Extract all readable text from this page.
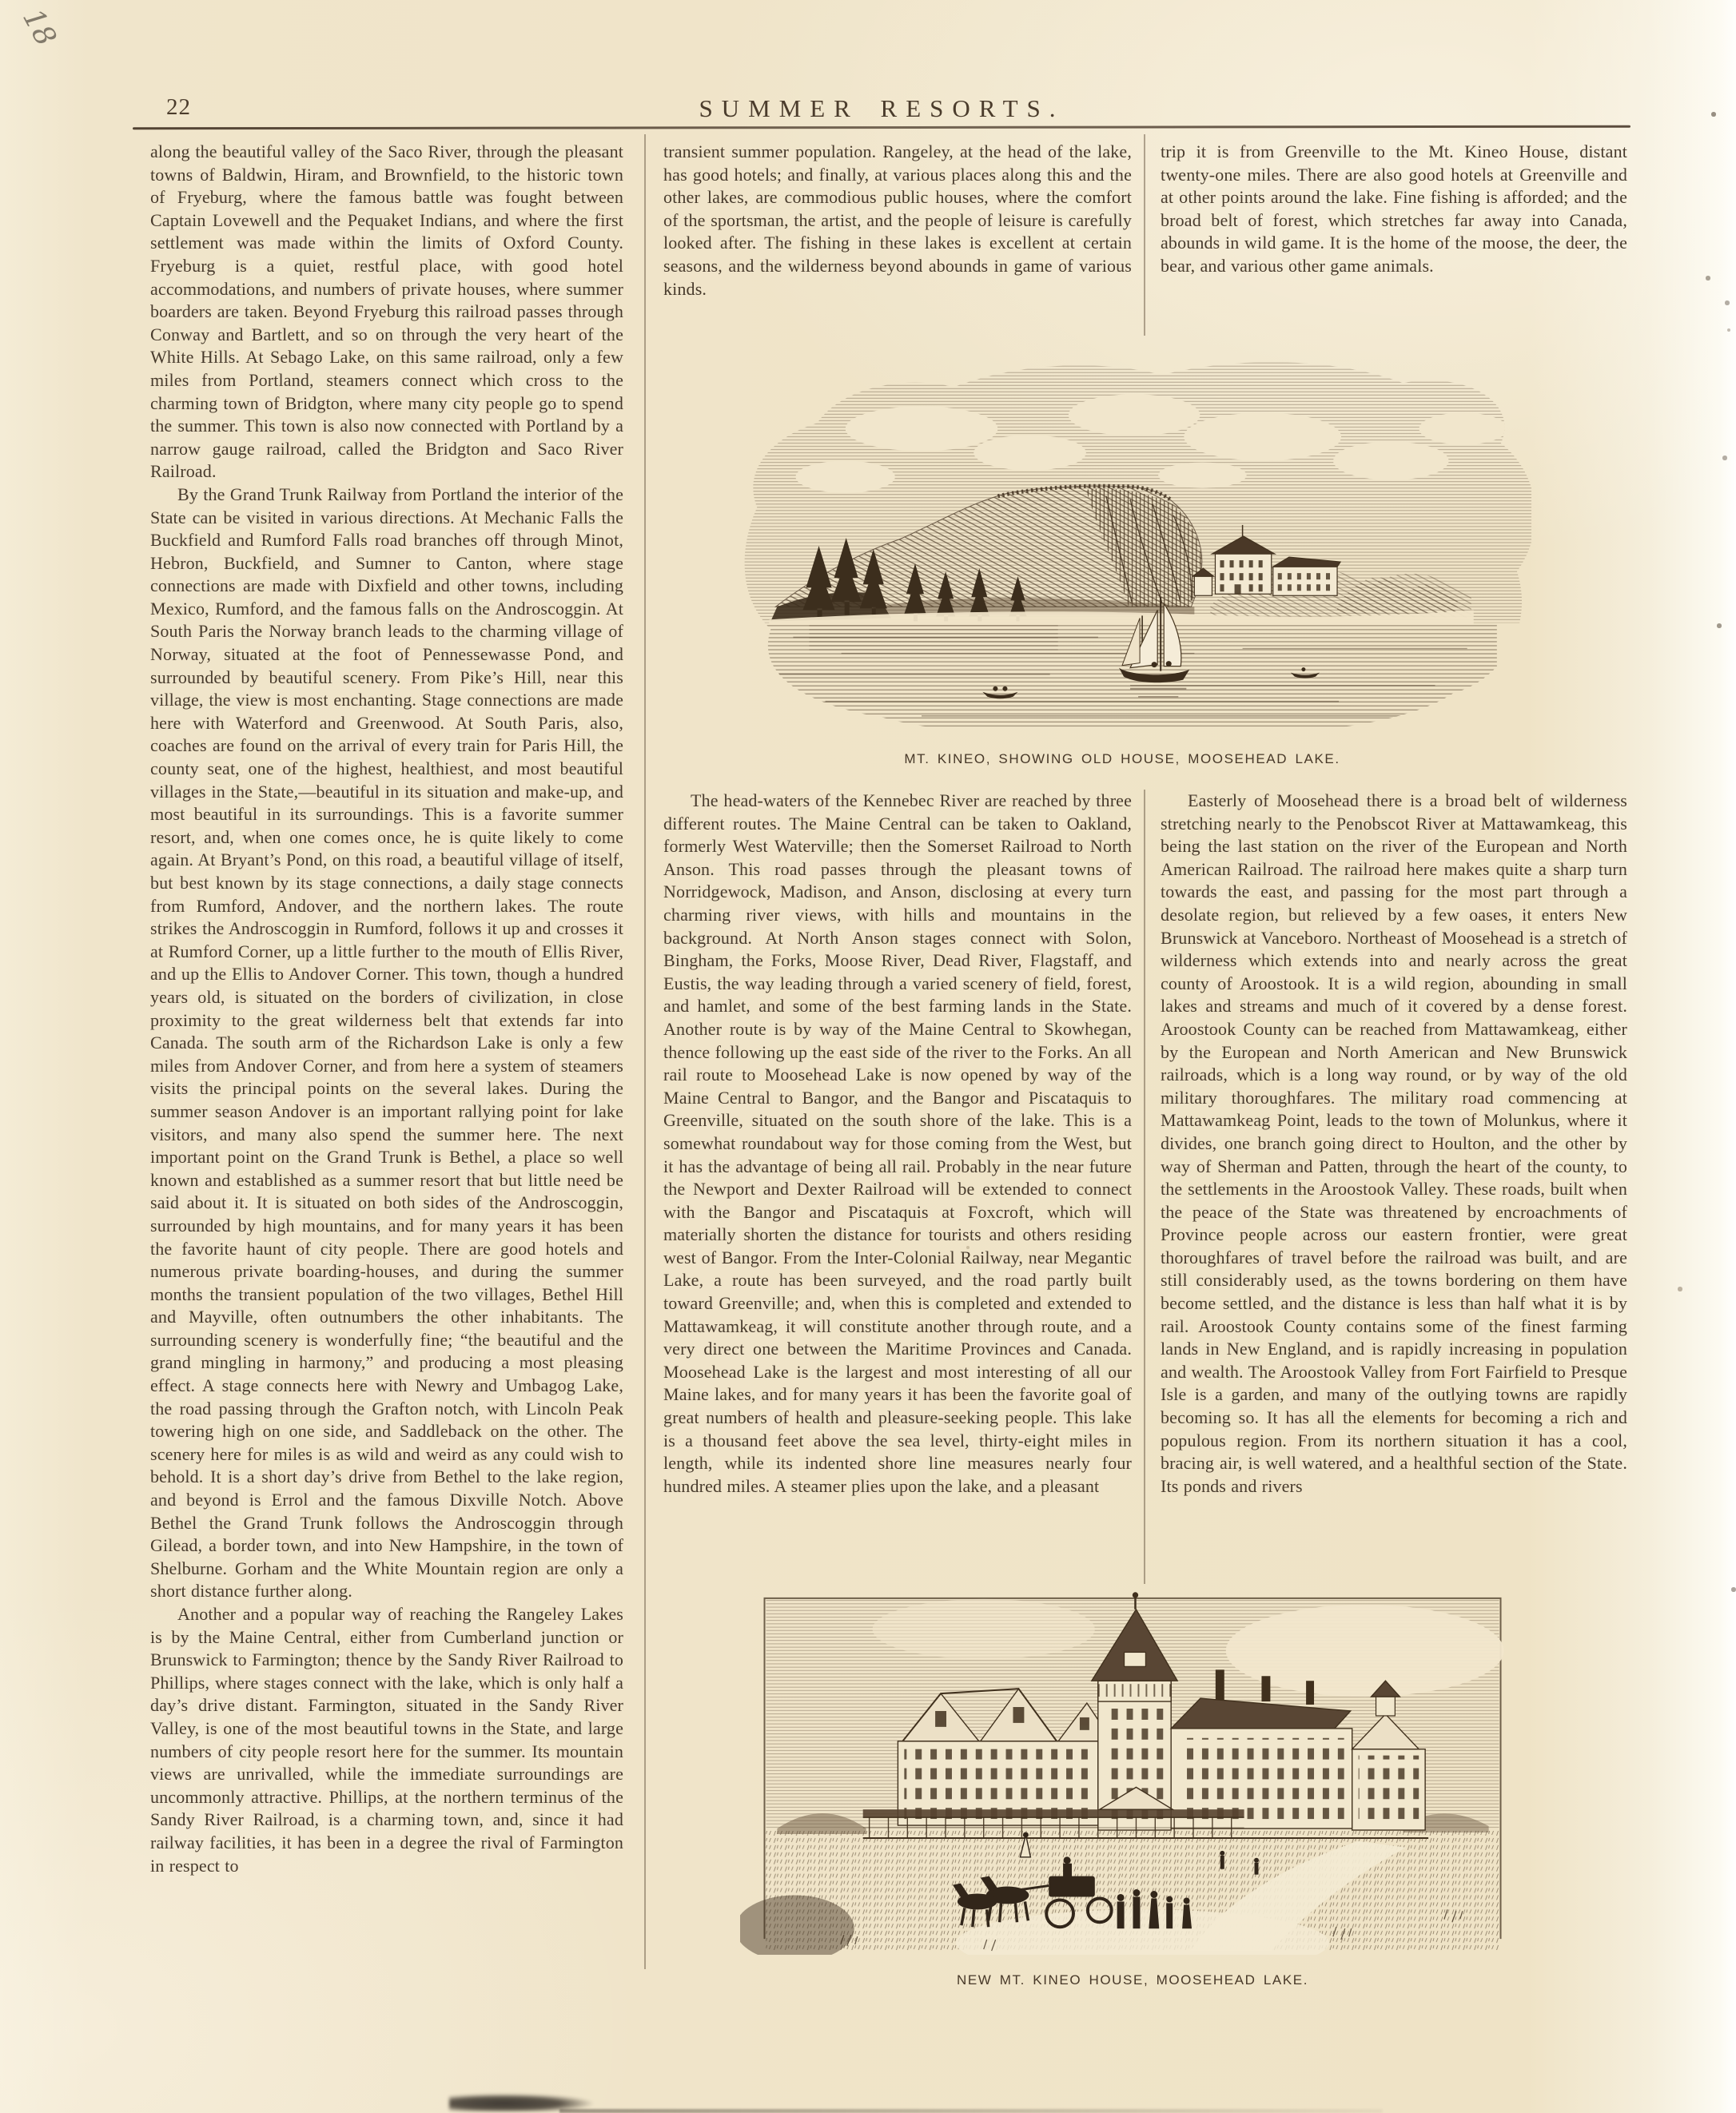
18
22	SUMMER RESORTS.

along the beautiful valley of the Saco River, through the pleasant towns of Baldwin, Hiram, and Brownfield, to the historic town of Fryeburg, where the famous battle was fought between Captain Lovewell and the Pequaket Indians, and where the first settlement was made within the limits of Oxford County. Fryeburg is a quiet, restful place, with good hotel accommodations, and numbers of private houses, where summer boarders are taken. Beyond Fryeburg this railroad passes through Conway and Bartlett, and so on through the very heart of the White Hills. At Sebago Lake, on this same railroad, only a few miles from Portland, steamers connect which cross to the charming town of Bridgton, where many city people go to spend the summer. This town is also now connected with Portland by a narrow gauge railroad, called the Bridgton and Saco River Railroad.

By the Grand Trunk Railway from Portland the interior of the State can be visited in various directions. At Mechanic Falls the Buckfield and Rumford Falls road branches off through Minot, Hebron, Buckfield, and Sumner to Canton, where stage connections are made with Dixfield and other towns, including Mexico, Rumford, and the famous falls on the Androscoggin. At South Paris the Norway branch leads to the charming village of Norway, situated at the foot of Pennessewasse Pond, and surrounded by beautiful scenery. From Pike’s Hill, near this village, the view is most enchanting. Stage connections are made here with Waterford and Greenwood. At South Paris, also, coaches are found on the arrival of every train for Paris Hill, the county seat, one of the highest, healthiest, and most beautiful villages in the State,—beautiful in its situation and make-up, and most beautiful in its surroundings. This is a favorite summer resort, and, when one comes once, he is quite likely to come again. At Bryant’s Pond, on this road, a beautiful village of itself, but best known by its stage connections, a daily stage connects from Rumford, Andover, and the northern lakes. The route strikes the Androscoggin in Rumford, follows it up and crosses it at Rumford Corner, up a little further to the mouth of Ellis River, and up the Ellis to Andover Corner. This town, though a hundred years old, is situated on the borders of civilization, in close proximity to the great wilderness belt that extends far into Canada. The south arm of the Richardson Lake is only a few miles from Andover Corner, and from here a system of steamers visits the principal points on the several lakes. During the summer season Andover is an important rallying point for lake visitors, and many also spend the summer here. The next important point on the Grand Trunk is Bethel, a place so well known and established as a summer resort that but little need be said about it. It is situated on both sides of the Androscoggin, surrounded by high mountains, and for many years it has been the favorite haunt of city people. There are good hotels and numerous private boarding-houses, and during the summer months the transient population of the two villages, Bethel Hill and Mayville, often outnumbers the other inhabitants. The surrounding scenery is wonderfully fine; “the beautiful and the grand mingling in harmony,” and producing a most pleasing effect. A stage connects here with Newry and Umbagog Lake, the road passing through the Grafton notch, with Lincoln Peak towering high on one side, and Saddleback on the other. The scenery here for miles is as wild and weird as any could wish to behold. It is a short day’s drive from Bethel to the lake region, and beyond is Errol and the famous Dixville Notch. Above Bethel the Grand Trunk follows the Androscoggin through Gilead, a border town, and into New Hampshire, in the town of Shelburne. Gorham and the White Mountain region are only a short distance further along.

Another and a popular way of reaching the Rangeley Lakes is by the Maine Central, either from Cumberland junction or Brunswick to Farmington; thence by the Sandy River Railroad to Phillips, where stages connect with the lake, which is only half a day’s drive distant. Farmington, situated in the Sandy River Valley, is one of the most beautiful towns in the State, and large numbers of city people resort here for the summer. Its mountain views are unrivalled, while the immediate surroundings are uncommonly attractive. Phillips, at the northern terminus of the Sandy River Railroad, is a charming town, and, since it had railway facilities, it has been in a degree the rival of Farmington in respect to

transient summer population. Rangeley, at the head of the lake, has good hotels; and finally, at various places along this and the other lakes, are commodious public houses, where the comfort of the sportsman, the artist, and the people of leisure is carefully looked after. The fishing in these lakes is excellent at certain seasons, and the wilderness beyond abounds in game of various kinds.

trip it is from Greenville to the Mt. Kineo House, distant twenty-one miles. There are also good hotels at Greenville and at other points around the lake. Fine fishing is afforded; and the broad belt of forest, which stretches far away into Canada, abounds in wild game. It is the home of the moose, the deer, the bear, and various other game animals.

MT. KINEO, SHOWING OLD HOUSE, MOOSEHEAD LAKE.

The head-waters of the Kennebec River are reached by three different routes. The Maine Central can be taken to Oakland, formerly West Waterville; then the Somerset Railroad to North Anson. This road passes through the pleasant towns of Norridgewock, Madison, and Anson, disclosing at every turn charming river views, with hills and mountains in the background. At North Anson stages connect with Solon, Bingham, the Forks, Moose River, Dead River, Flagstaff, and Eustis, the way leading through a varied scenery of field, forest, and hamlet, and some of the best farming lands in the State. Another route is by way of the Maine Central to Skowhegan, thence following up the east side of the river to the Forks. An all rail route to Moosehead Lake is now opened by way of the Maine Central to Bangor, and the Bangor and Piscataquis to Greenville, situated on the south shore of the lake. This is a somewhat roundabout way for those coming from the West, but it has the advantage of being all rail. Probably in the near future the Newport and Dexter Railroad will be extended to connect with the Bangor and Piscataquis at Foxcroft, which will materially shorten the distance for tourists and others residing west of Bangor. From the Inter-Colonial Railway, near Megantic Lake, a route has been surveyed, and the road partly built toward Greenville; and, when this is completed and extended to Mattawamkeag, it will constitute another through route, and a very direct one between the Maritime Provinces and Canada. Moosehead Lake is the largest and most interesting of all our Maine lakes, and for many years it has been the favorite goal of great numbers of health and pleasure-seeking people. This lake is a thousand feet above the sea level, thirty-eight miles in length, while its indented shore line measures nearly four hundred miles. A steamer plies upon the lake, and a pleasant

Easterly of Moosehead there is a broad belt of wilderness stretching nearly to the Penobscot River at Mattawamkeag, this being the last station on the river of the European and North American Railroad. The railroad here makes quite a sharp turn towards the east, and passing for the most part through a desolate region, but relieved by a few oases, it enters New Brunswick at Vanceboro. Northeast of Moosehead is a stretch of wilderness which extends into and nearly across the great county of Aroostook. It is a wild region, abounding in small lakes and streams and much of it covered by a dense forest. Aroostook County can be reached from Mattawamkeag, either by the European and North American and New Brunswick railroads, which is a long way round, or by way of the old military thoroughfares. The military road commencing at Mattawamkeag Point, leads to the town of Molunkus, where it divides, one branch going direct to Houlton, and the other by way of Sherman and Patten, through the heart of the county, to the settlements in the Aroostook Valley. These roads, built when the peace of the State was threatened by encroachments of Province people across our eastern frontier, were great thoroughfares of travel before the railroad was built, and are still considerably used, as the towns bordering on them have become settled, and the distance is less than half what it is by rail. Aroostook County contains some of the finest farming lands in New England, and is rapidly increasing in population and wealth. The Aroostook Valley from Fort Fairfield to Presque Isle is a garden, and many of the outlying towns are rapidly becoming so. It has all the elements for becoming a rich and populous region. From its northern situation it has a cool, bracing air, is well watered, and a healthful section of the State. Its ponds and rivers

NEW MT. KINEO HOUSE, MOOSEHEAD LAKE.
